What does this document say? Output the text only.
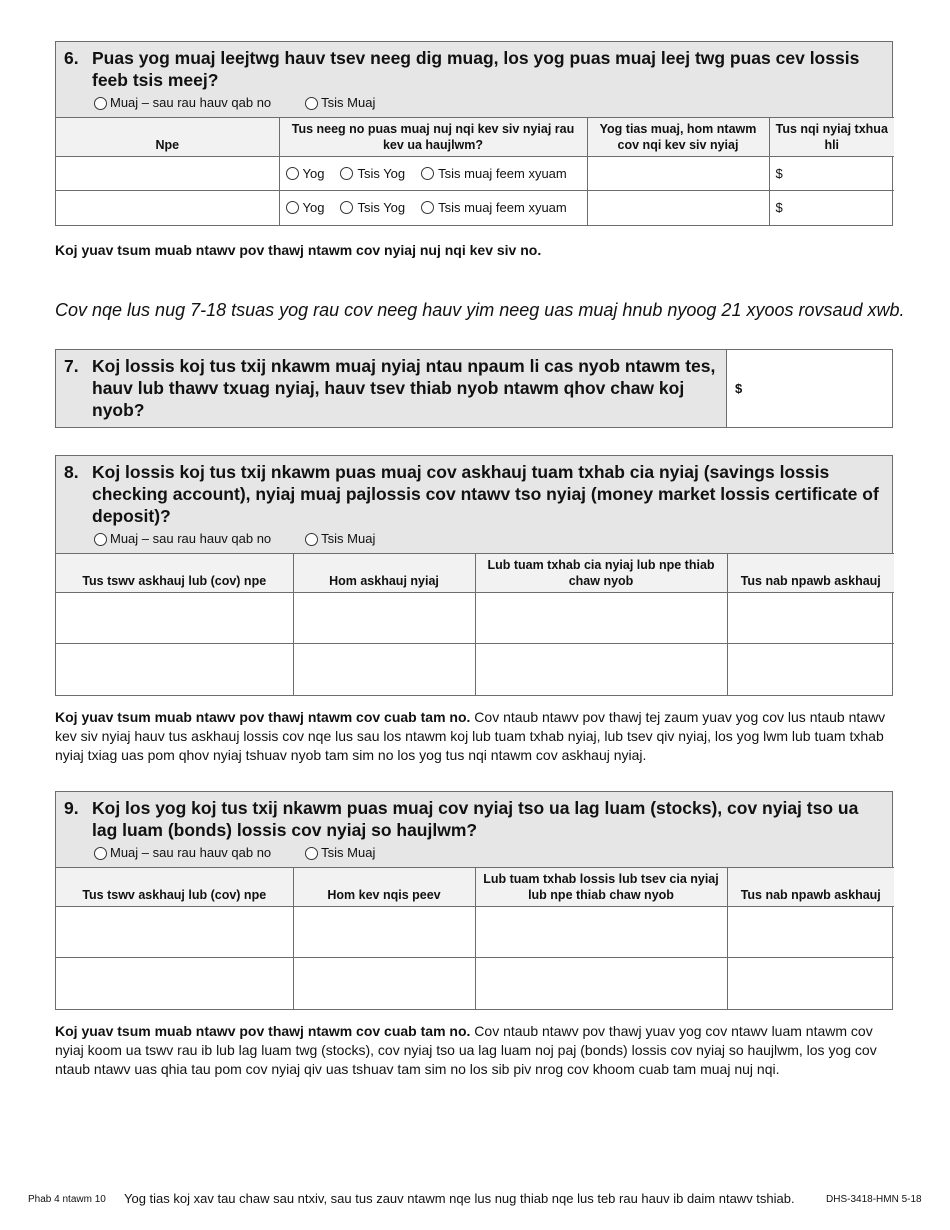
6. Puas yog muaj leejtwg hauv tsev neeg dig muag, los yog puas muaj leej twg puas cev lossis feeb tsis meej?
Muaj – sau rau hauv qab no	Tsis Muaj
Npe	Tus neeg no puas muaj nuj nqi kev siv nyiaj rau kev ua haujlwm?	Yog tias muaj, hom ntawm cov nqi kev siv nyiaj	Tus nqi nyiaj txhua hli

	Yog Tsis Yog Tsis muaj feem xyuam		$

	Yog Tsis Yog Tsis muaj feem xyuam		$
Koj yuav tsum muab ntawv pov thawj ntawm cov nyiaj nuj nqi kev siv no.
Cov nqe lus nug 7-18 tsuas yog rau cov neeg hauv yim neeg uas muaj hnub nyoog 21 xyoos rovsaud xwb.
7. Koj lossis koj tus txij nkawm muaj nyiaj ntau npaum li cas nyob ntawm tes, hauv lub thawv txuag nyiaj, hauv tsev thiab nyob ntawm qhov chaw koj nyob?
$
8. Koj lossis koj tus txij nkawm puas muaj cov askhauj tuam txhab cia nyiaj (savings lossis checking account), nyiaj muaj pajlossis cov ntawv tso nyiaj (money market lossis certificate of deposit)?
Muaj – sau rau hauv qab no	Tsis Muaj
Tus tswv askhauj lub (cov) npe	Hom askhauj nyiaj	Lub tuam txhab cia nyiaj lub npe thiab chaw nyob	Tus nab npawb askhauj

Koj yuav tsum muab ntawv pov thawj ntawm cov cuab tam no. Cov ntaub ntawv pov thawj tej zaum yuav yog cov lus ntaub ntawv kev siv nyiaj hauv tus askhauj lossis cov nqe lus sau los ntawm koj lub tuam txhab nyiaj, lub tsev qiv nyiaj, los yog lwm lub tuam txhab nyiaj txiag uas pom qhov nyiaj tshuav nyob tam sim no los yog tus nqi ntawm cov askhauj nyiaj.
9. Koj los yog koj tus txij nkawm puas muaj cov nyiaj tso ua lag luam (stocks), cov nyiaj tso ua lag luam (bonds) lossis cov nyiaj so haujlwm?
Muaj – sau rau hauv qab no	Tsis Muaj
Tus tswv askhauj lub (cov) npe	Hom kev nqis peev	Lub tuam txhab lossis lub tsev cia nyiaj lub npe thiab chaw nyob	Tus nab npawb askhauj

Koj yuav tsum muab ntawv pov thawj ntawm cov cuab tam no. Cov ntaub ntawv pov thawj yuav yog cov ntawv luam ntawm cov nyiaj koom ua tswv rau ib lub lag luam twg (stocks), cov nyiaj tso ua lag luam noj paj (bonds) lossis cov nyiaj so haujlwm, los yog cov ntaub ntawv uas qhia tau pom cov nyiaj qiv uas tshuav tam sim no los sib piv nrog cov khoom cuab tam muaj nuj nqi.
Phab 4 ntawm 10 Yog tias koj xav tau chaw sau ntxiv, sau tus zauv ntawm nqe lus nug thiab nqe lus teb rau hauv ib daim ntawv tshiab.	DHS-3418-HMN 5-18
